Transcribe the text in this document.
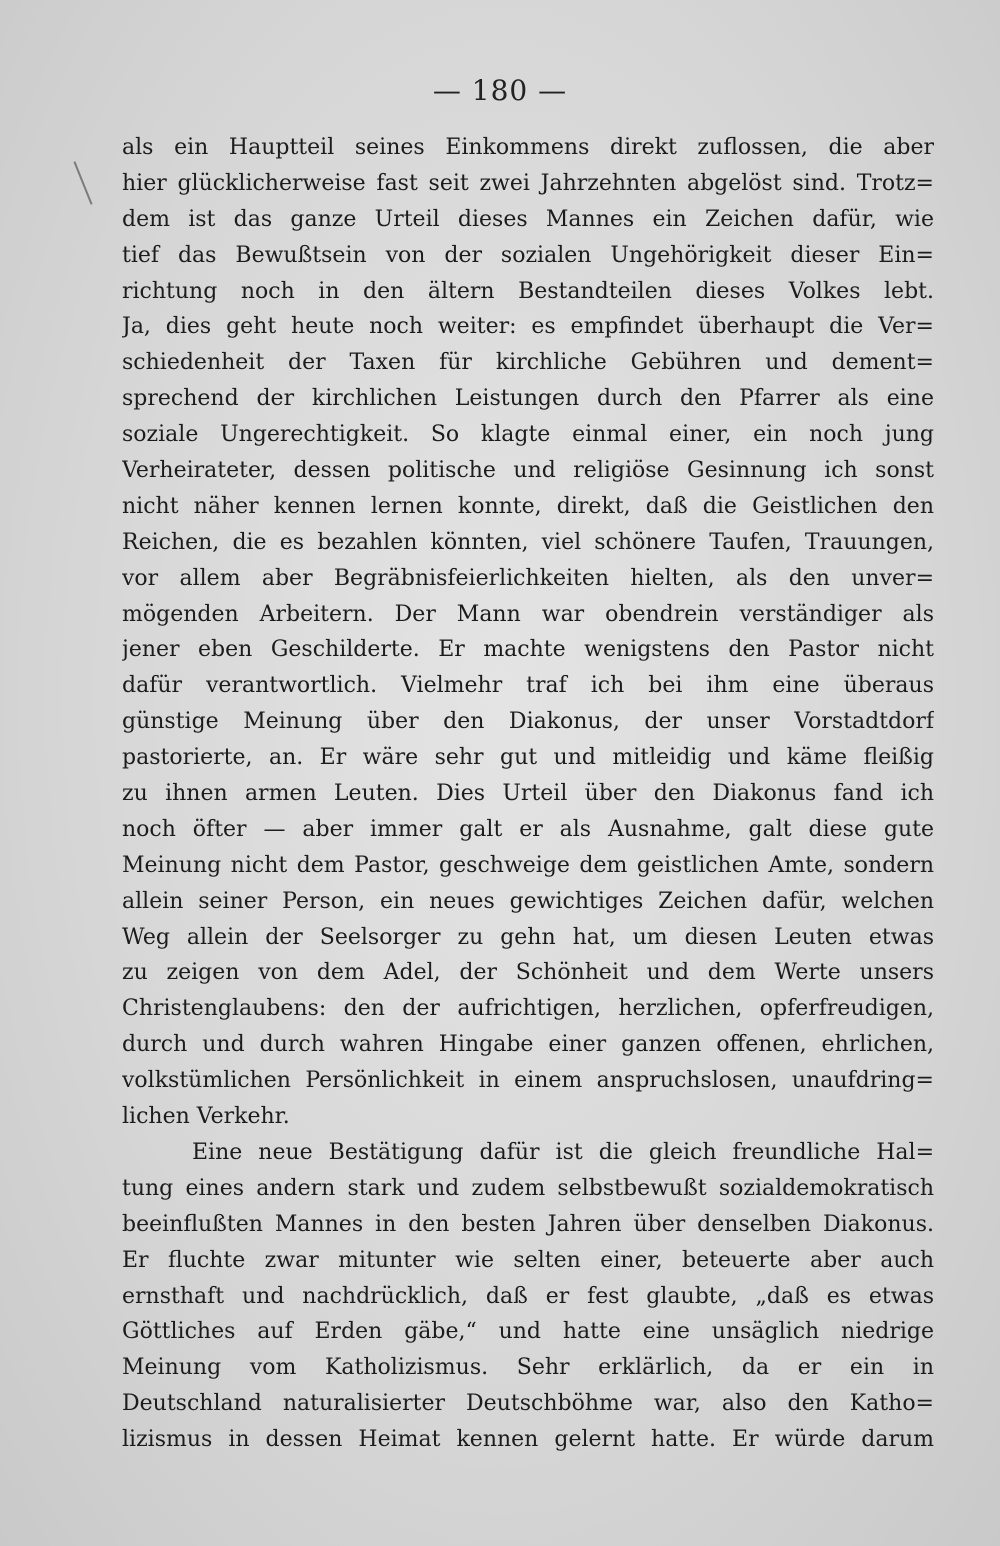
— 180 —
als ein Hauptteil seines Einkommens direkt zuflossen, die aber
hier glücklicherweise fast seit zwei Jahrzehnten abgelöst sind. Trotz=
dem ist das ganze Urteil dieses Mannes ein Zeichen dafür, wie
tief das Bewußtsein von der sozialen Ungehörigkeit dieser Ein=
richtung noch in den ältern Bestandteilen dieses Volkes lebt.
Ja, dies geht heute noch weiter: es empfindet überhaupt die Ver=
schiedenheit der Taxen für kirchliche Gebühren und dement=
sprechend der kirchlichen Leistungen durch den Pfarrer als eine
soziale Ungerechtigkeit. So klagte einmal einer, ein noch jung
Verheirateter, dessen politische und religiöse Gesinnung ich sonst
nicht näher kennen lernen konnte, direkt, daß die Geistlichen den
Reichen, die es bezahlen könnten, viel schönere Taufen, Trauungen,
vor allem aber Begräbnisfeierlichkeiten hielten, als den unver=
mögenden Arbeitern. Der Mann war obendrein verständiger als
jener eben Geschilderte. Er machte wenigstens den Pastor nicht
dafür verantwortlich. Vielmehr traf ich bei ihm eine überaus
günstige Meinung über den Diakonus, der unser Vorstadtdorf
pastorierte, an. Er wäre sehr gut und mitleidig und käme fleißig
zu ihnen armen Leuten. Dies Urteil über den Diakonus fand ich
noch öfter — aber immer galt er als Ausnahme, galt diese gute
Meinung nicht dem Pastor, geschweige dem geistlichen Amte, sondern
allein seiner Person, ein neues gewichtiges Zeichen dafür, welchen
Weg allein der Seelsorger zu gehn hat, um diesen Leuten etwas
zu zeigen von dem Adel, der Schönheit und dem Werte unsers
Christenglaubens: den der aufrichtigen, herzlichen, opferfreudigen,
durch und durch wahren Hingabe einer ganzen offenen, ehrlichen,
volkstümlichen Persönlichkeit in einem anspruchslosen, unaufdring=
lichen Verkehr.
Eine neue Bestätigung dafür ist die gleich freundliche Hal=
tung eines andern stark und zudem selbstbewußt sozialdemokratisch
beeinflußten Mannes in den besten Jahren über denselben Diakonus.
Er fluchte zwar mitunter wie selten einer, beteuerte aber auch
ernsthaft und nachdrücklich, daß er fest glaubte, „daß es etwas
Göttliches auf Erden gäbe,“ und hatte eine unsäglich niedrige
Meinung vom Katholizismus. Sehr erklärlich, da er ein in
Deutschland naturalisierter Deutschböhme war, also den Katho=
lizismus in dessen Heimat kennen gelernt hatte. Er würde darum
